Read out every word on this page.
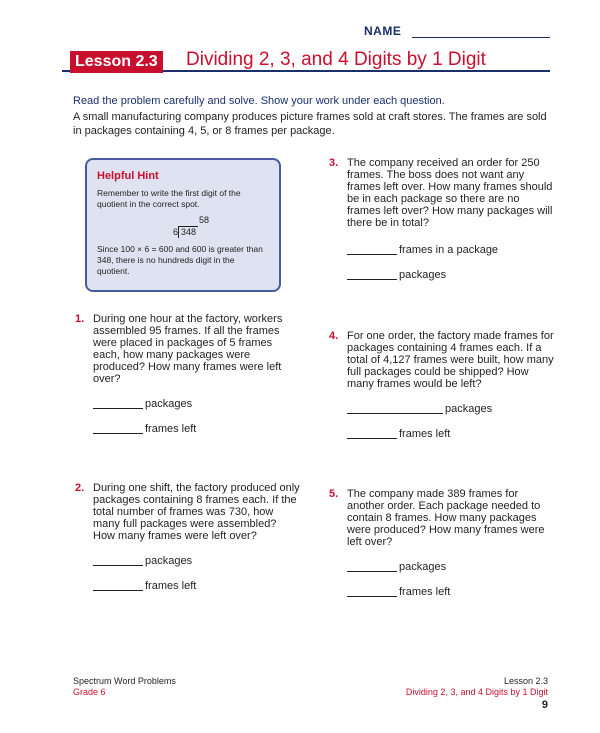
NAME
Lesson 2.3 Dividing 2, 3, and 4 Digits by 1 Digit
Read the problem carefully and solve. Show your work under each question.
A small manufacturing company produces picture frames sold at craft stores. The frames are sold in packages containing 4, 5, or 8 frames per package.
Helpful Hint
Remember to write the first digit of the quotient in the correct spot.
58
6 348
Since 100 × 6 = 600 and 600 is greater than 348, there is no hundreds digit in the quotient.
1. During one hour at the factory, workers assembled 95 frames. If all the frames were placed in packages of 5 frames each, how many packages were produced? How many frames were left over?
packages
frames left
2. During one shift, the factory produced only packages containing 8 frames each. If the total number of frames was 730, how many full packages were assembled? How many frames were left over?
packages
frames left
3. The company received an order for 250 frames. The boss does not want any frames left over. How many frames should be in each package so there are no frames left over? How many packages will there be in total?
frames in a package
packages
4. For one order, the factory made frames for packages containing 4 frames each. If a total of 4,127 frames were built, how many full packages could be shipped? How many frames would be left?
packages
frames left
5. The company made 389 frames for another order. Each package needed to contain 8 frames. How many packages were produced? How many frames were left over?
packages
frames left
Spectrum Word Problems
Grade 6
Lesson 2.3
Dividing 2, 3, and 4 Digits by 1 Digit
9
